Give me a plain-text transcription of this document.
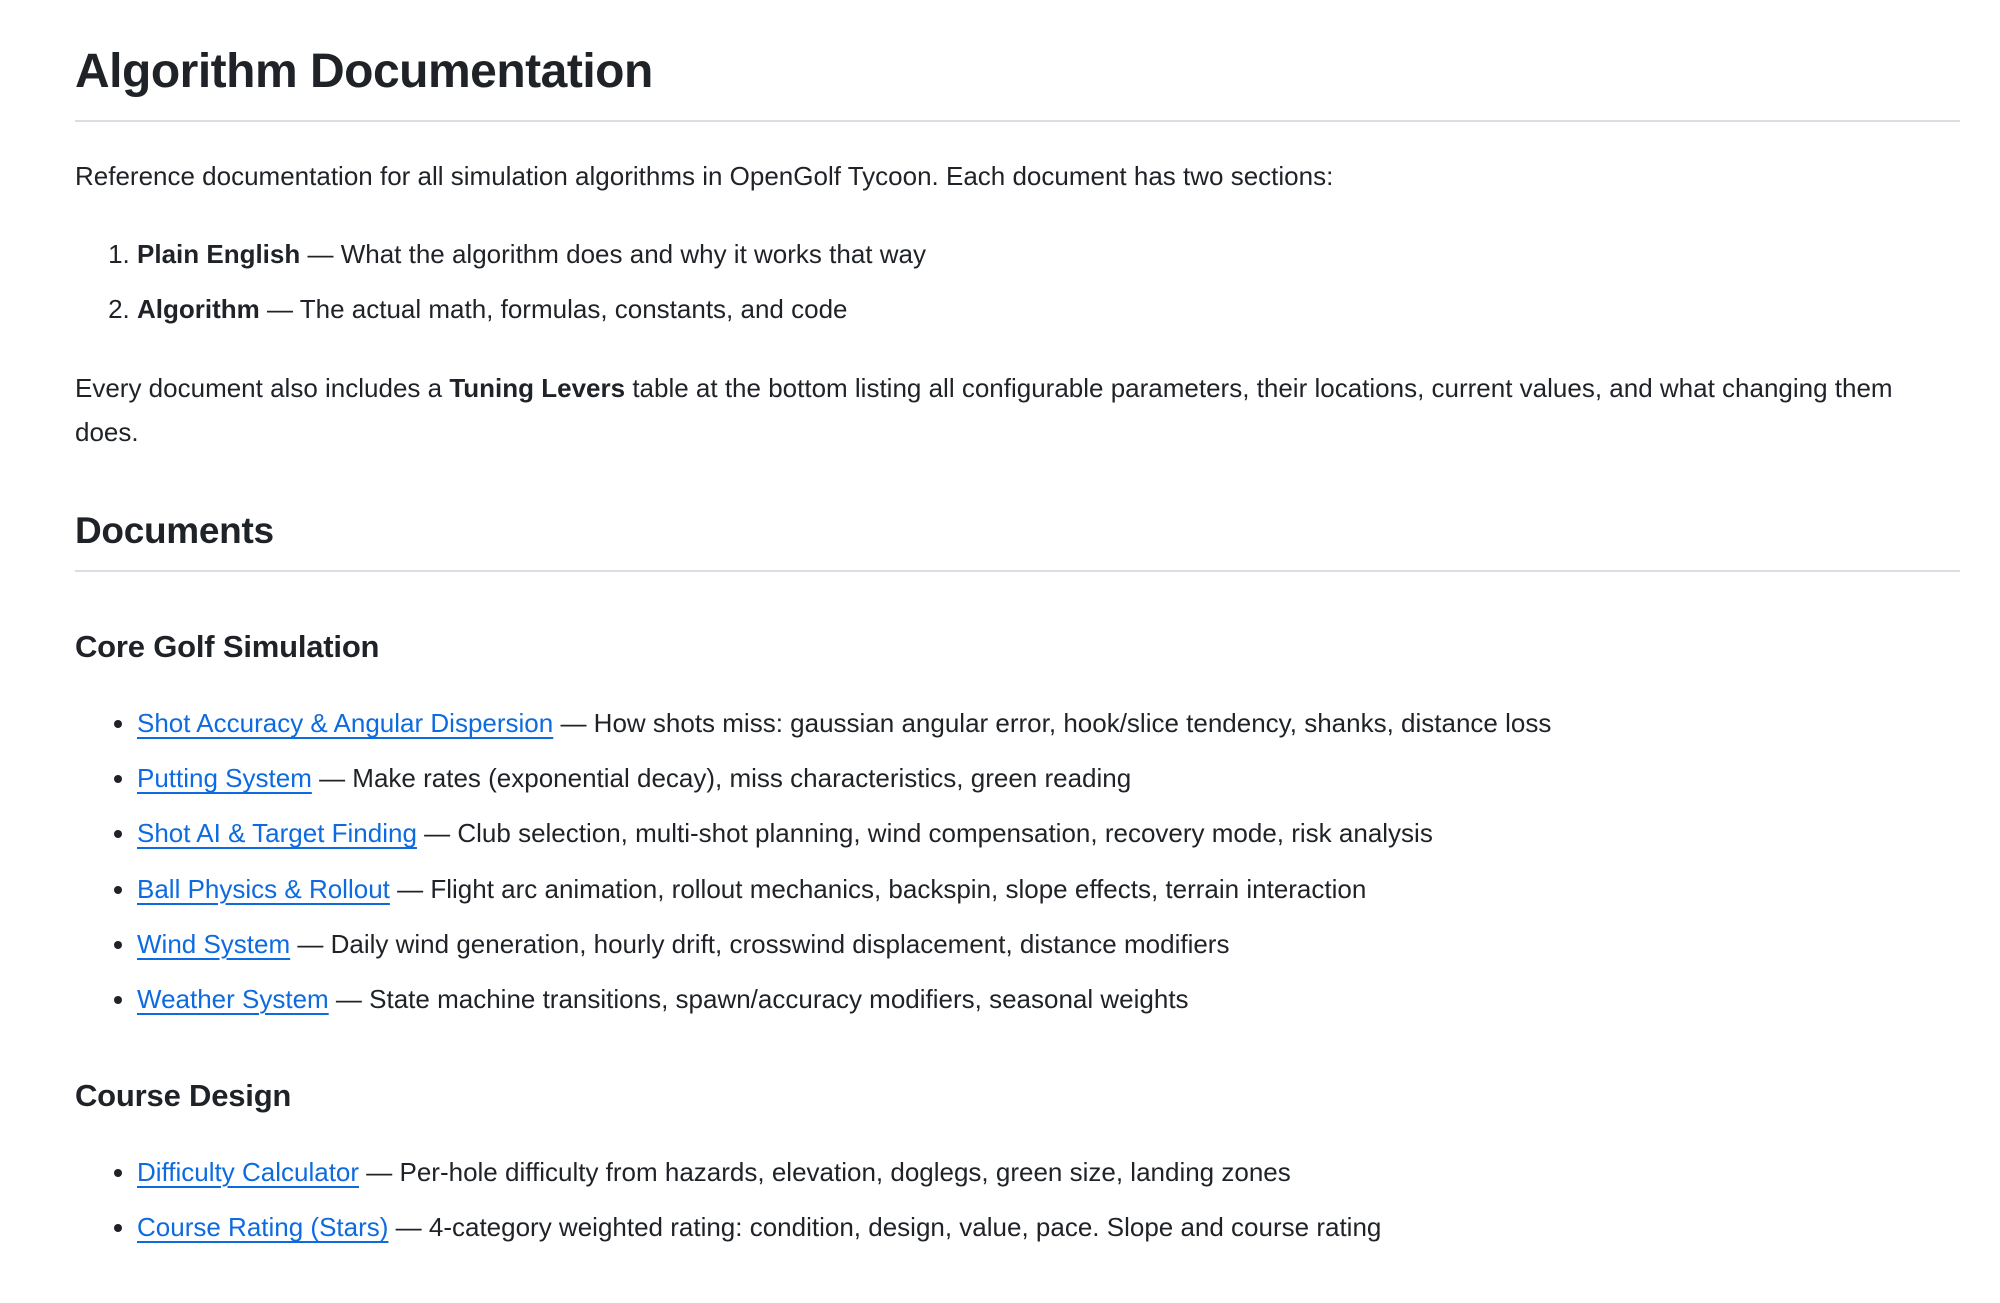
Algorithm Documentation

Reference documentation for all simulation algorithms in OpenGolf Tycoon. Each document has two sections:

1. Plain English — What the algorithm does and why it works that way
2. Algorithm — The actual math, formulas, constants, and code

Every document also includes a Tuning Levers table at the bottom listing all configurable parameters, their locations, current values, and what changing them does.

Documents
Core Golf Simulation
• Shot Accuracy & Angular Dispersion — How shots miss: gaussian angular error, hook/slice tendency, shanks, distance loss
• Putting System — Make rates (exponential decay), miss characteristics, green reading
• Shot AI & Target Finding — Club selection, multi-shot planning, wind compensation, recovery mode, risk analysis
• Ball Physics & Rollout — Flight arc animation, rollout mechanics, backspin, slope effects, terrain interaction
• Wind System — Daily wind generation, hourly drift, crosswind displacement, distance modifiers
• Weather System — State machine transitions, spawn/accuracy modifiers, seasonal weights
Course Design
• Difficulty Calculator — Per-hole difficulty from hazards, elevation, doglegs, green size, landing zones
• Course Rating (Stars) — 4-category weighted rating: condition, design, value, pace. Slope and course rating
